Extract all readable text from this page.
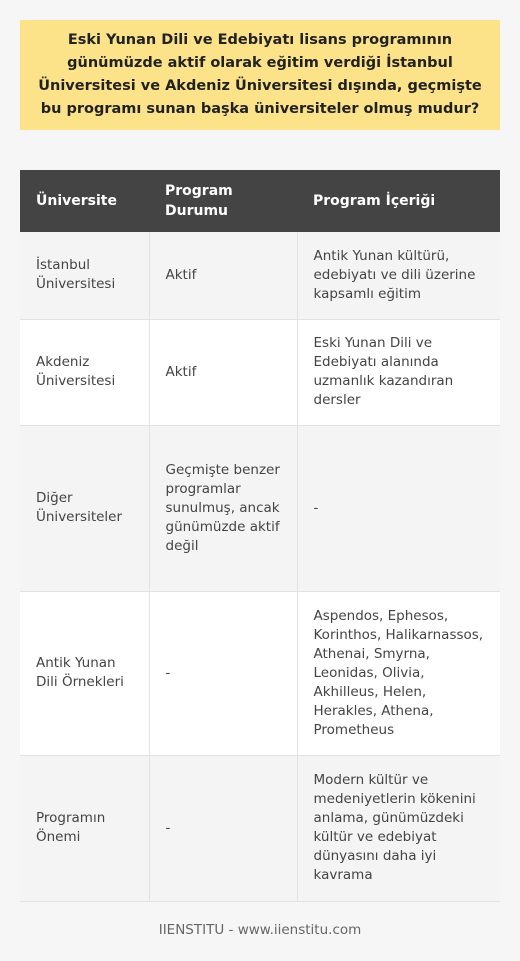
Eski Yunan Dili ve Edebiyatı lisans programının günümüzde aktif olarak eğitim verdiği İstanbul Üniversitesi ve Akdeniz Üniversitesi dışında, geçmişte bu programı sunan başka üniversiteler olmuş mudur?
Üniversite	Program Durumu	Program İçeriği
İstanbul Üniversitesi	Aktif	Antik Yunan kültürü, edebiyatı ve dili üzerine kapsamlı eğitim
Akdeniz Üniversitesi	Aktif	Eski Yunan Dili ve Edebiyatı alanında uzmanlık kazandıran dersler
Diğer Üniversiteler	Geçmişte benzer programlar sunulmuş, ancak günümüzde aktif değil	-
Antik Yunan Dili Örnekleri	-	Aspendos, Ephesos, Korinthos, Halikarnassos, Athenai, Smyrna, Leonidas, Olivia, Akhilleus, Helen, Herakles, Athena, Prometheus
Programın Önemi	-	Modern kültür ve medeniyetlerin kökenini anlama, günümüzdeki kültür ve edebiyat dünyasını daha iyi kavrama
IIENSTITU - www.iienstitu.com
